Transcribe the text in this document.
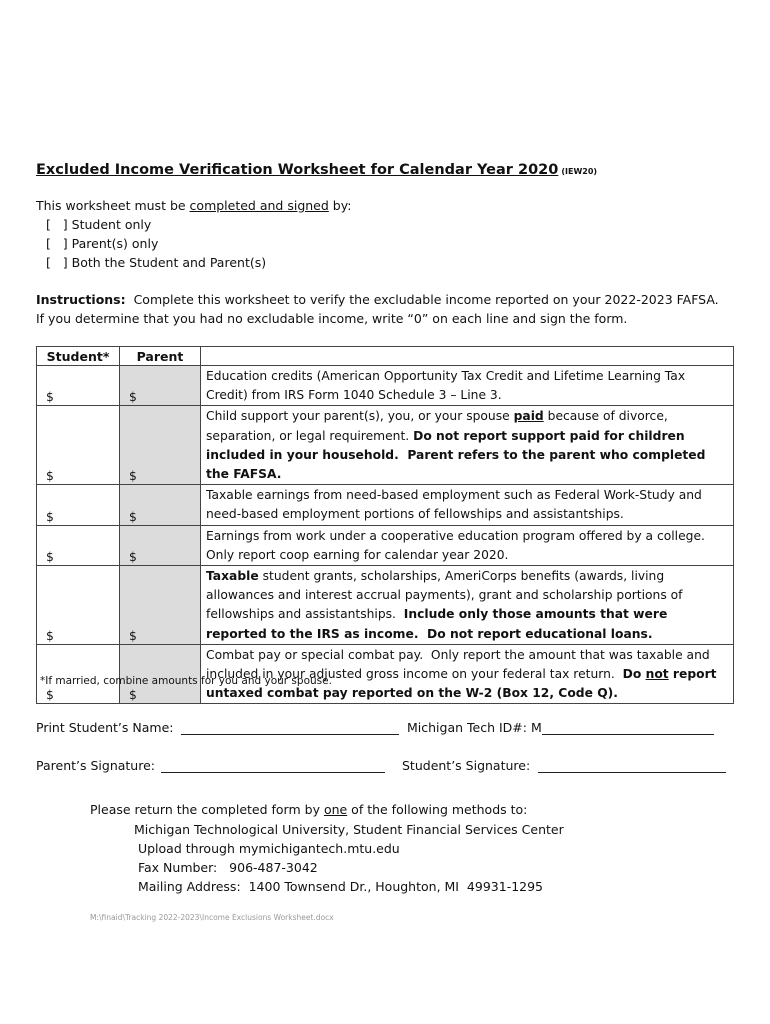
Excluded Income Verification Worksheet for Calendar Year 2020 (IEW20)
This worksheet must be completed and signed by:
[   ] Student only
[   ] Parent(s) only
[   ] Both the Student and Parent(s)
Instructions:  Complete this worksheet to verify the excludable income reported on your 2022-2023 FAFSA.
If you determine that you had no excludable income, write “0” on each line and sign the form.
Student*	Parent	
$	$	Education credits (American Opportunity Tax Credit and Lifetime Learning Tax Credit) from IRS Form 1040 Schedule 3 – Line 3.
$	$	Child support your parent(s), you, or your spouse paid because of divorce, separation, or legal requirement. Do not report support paid for children included in your household.  Parent refers to the parent who completed the FAFSA.
$	$	Taxable earnings from need-based employment such as Federal Work-Study and need-based employment portions of fellowships and assistantships.
$	$	Earnings from work under a cooperative education program offered by a college.  Only report coop earning for calendar year 2020.
$	$	Taxable student grants, scholarships, AmeriCorps benefits (awards, living allowances and interest accrual payments), grant and scholarship portions of fellowships and assistantships.  Include only those amounts that were reported to the IRS as income.  Do not report educational loans.
$	$	Combat pay or special combat pay.  Only report the amount that was taxable and included in your adjusted gross income on your federal tax return.  Do not report untaxed combat pay reported on the W-2 (Box 12, Code Q).
*If married, combine amounts for you and your spouse.
Print Student’s Name:	Michigan Tech ID#: M
Parent’s Signature:	Student’s Signature:
Please return the completed form by one of the following methods to:
Michigan Technological University, Student Financial Services Center
Upload through mymichigantech.mtu.edu
Fax Number:   906-487-3042
Mailing Address:  1400 Townsend Dr., Houghton, MI  49931-1295
M:\finaid\Tracking 2022-2023\Income Exclusions Worksheet.docx
